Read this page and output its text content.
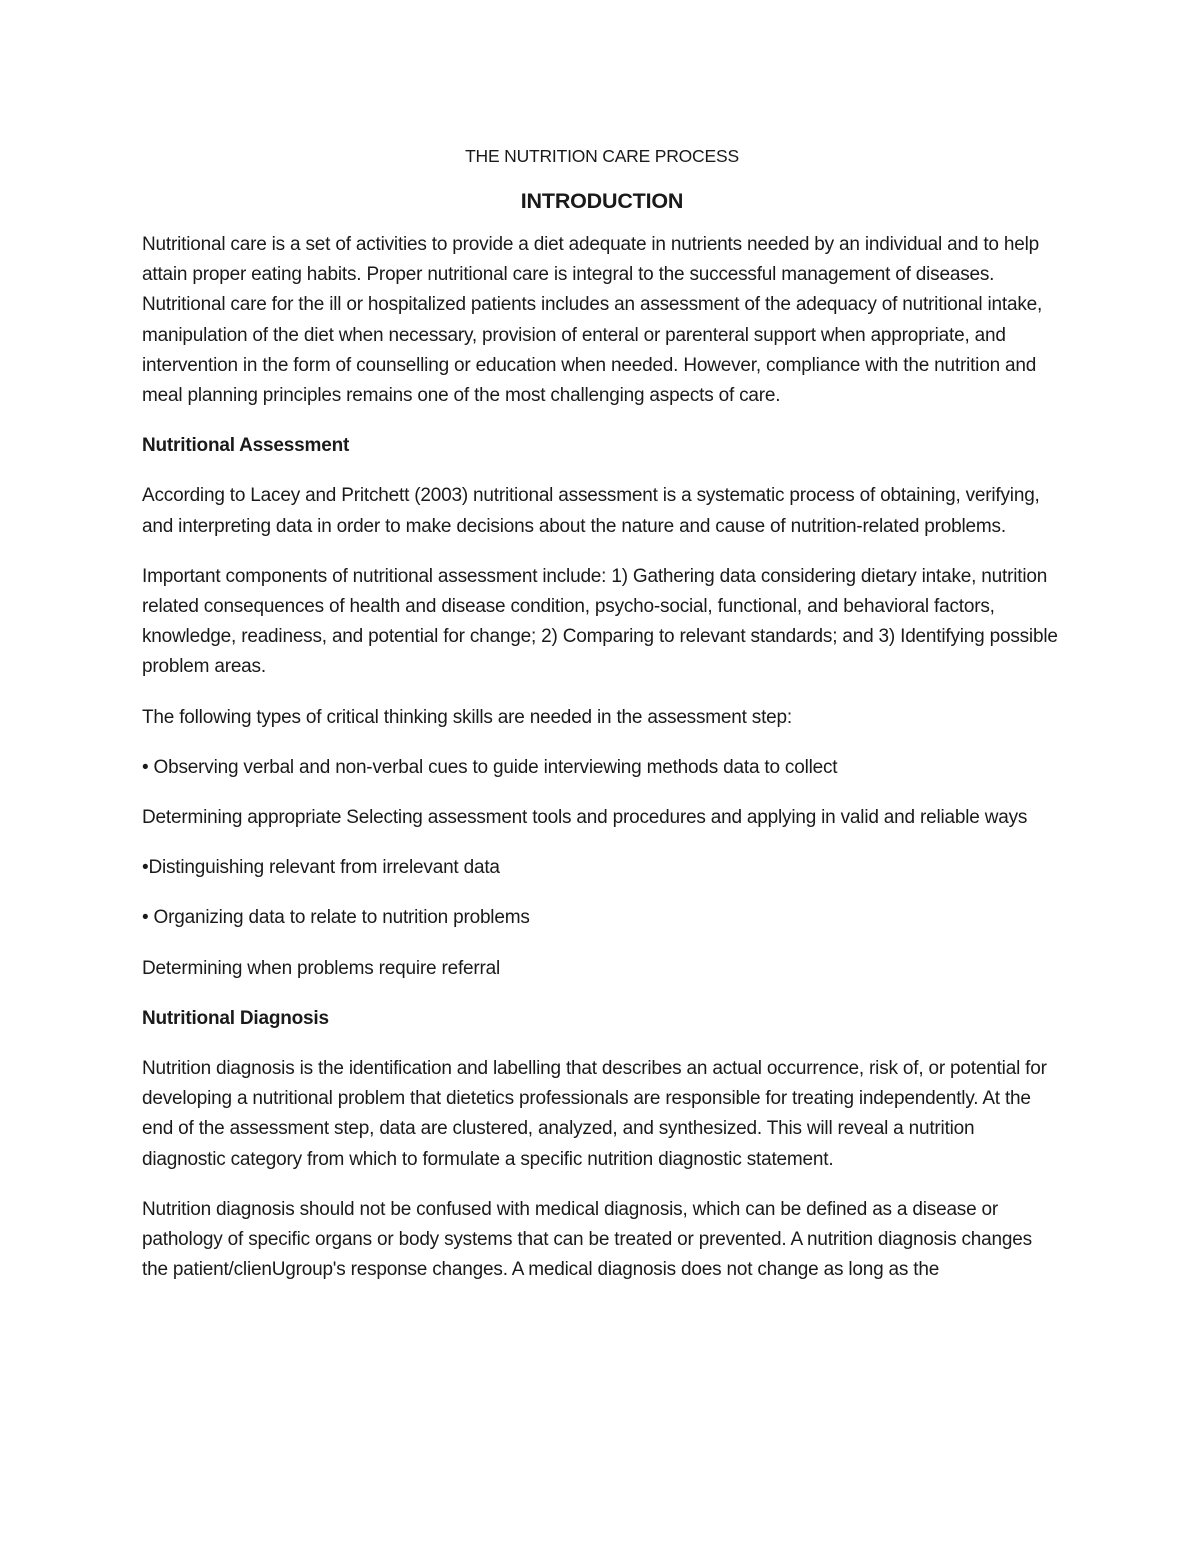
THE NUTRITION CARE PROCESS
INTRODUCTION

Nutritional care is a set of activities to provide a diet adequate in nutrients needed by an individual and to help attain proper eating habits. Proper nutritional care is integral to the successful management of diseases. Nutritional care for the ill or hospitalized patients includes an assessment of the adequacy of nutritional intake, manipulation of the diet when necessary, provision of enteral or parenteral support when appropriate, and intervention in the form of counselling or education when needed. However, compliance with the nutrition and meal planning principles remains one of the most challenging aspects of care.

Nutritional Assessment

According to Lacey and Pritchett (2003) nutritional assessment is a systematic process of obtaining, verifying, and interpreting data in order to make decisions about the nature and cause of nutrition-related problems.

Important components of nutritional assessment include: 1) Gathering data considering dietary intake, nutrition related consequences of health and disease condition, psycho-social, functional, and behavioral factors, knowledge, readiness, and potential for change; 2) Comparing to relevant standards; and 3) Identifying possible problem areas.

The following types of critical thinking skills are needed in the assessment step:

• Observing verbal and non-verbal cues to guide interviewing methods data to collect

Determining appropriate Selecting assessment tools and procedures and applying in valid and reliable ways

•Distinguishing relevant from irrelevant data

• Organizing data to relate to nutrition problems

Determining when problems require referral

Nutritional Diagnosis

Nutrition diagnosis is the identification and labelling that describes an actual occurrence, risk of, or potential for developing a nutritional problem that dietetics professionals are responsible for treating independently. At the end of the assessment step, data are clustered, analyzed, and synthesized. This will reveal a nutrition diagnostic category from which to formulate a specific nutrition diagnostic statement.

Nutrition diagnosis should not be confused with medical diagnosis, which can be defined as a disease or pathology of specific organs or body systems that can be treated or prevented. A nutrition diagnosis changes the patient/clienUgroup's response changes. A medical diagnosis does not change as long as the
